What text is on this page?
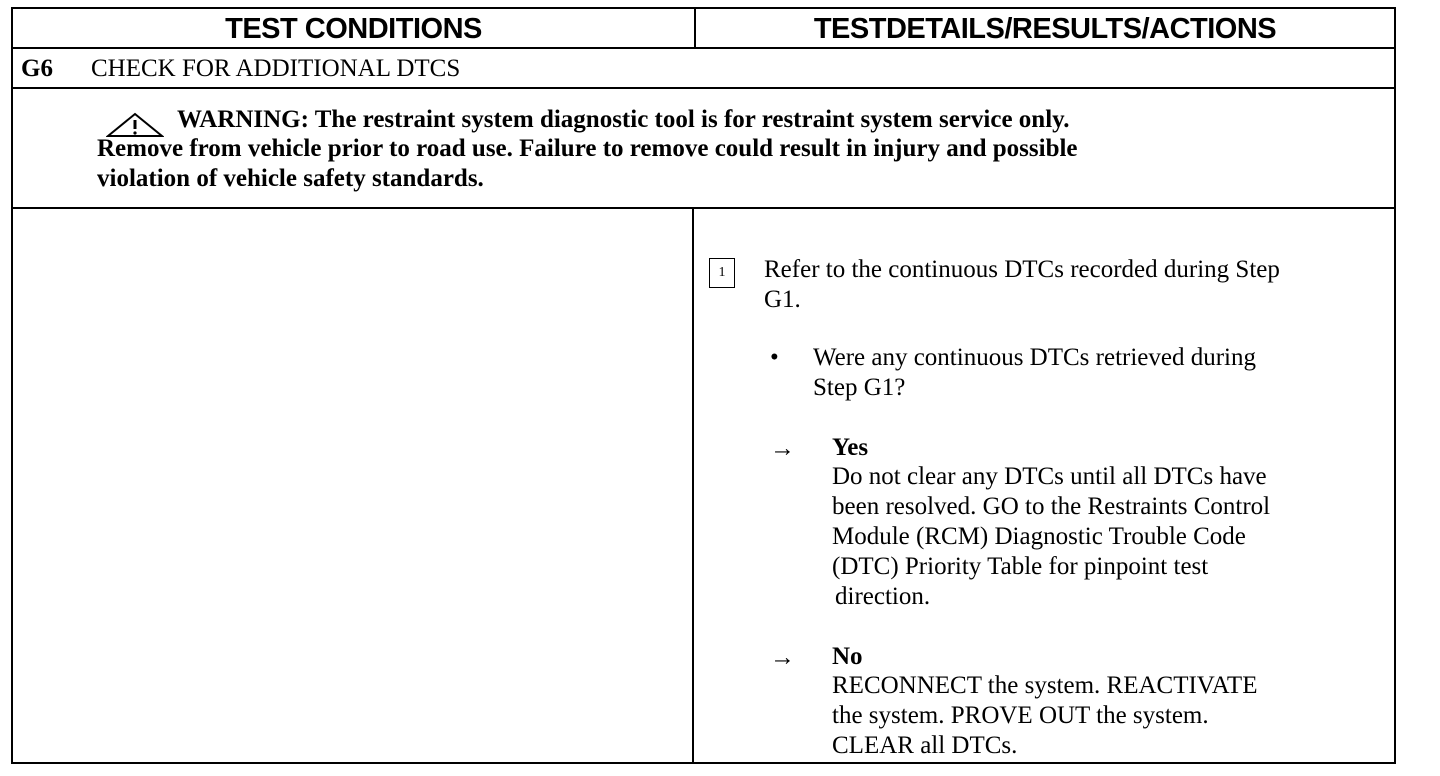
TEST CONDITIONS	TESTDETAILS/RESULTS/ACTIONS
G6 CHECK FOR ADDITIONAL DTCS
WARNING: The restraint system diagnostic tool is for restraint system service only.
Remove from vehicle prior to road use. Failure to remove could result in injury and possible
violation of vehicle safety standards.
1	Refer to the continuous DTCs recorded during Step
G1.
• Were any continuous DTCs retrieved during
Step G1?
→ Yes
Do not clear any DTCs until all DTCs have
been resolved. GO to the Restraints Control
Module (RCM) Diagnostic Trouble Code
(DTC) Priority Table for pinpoint test
direction.
→ No
RECONNECT the system. REACTIVATE
the system. PROVE OUT the system.
CLEAR all DTCs.
